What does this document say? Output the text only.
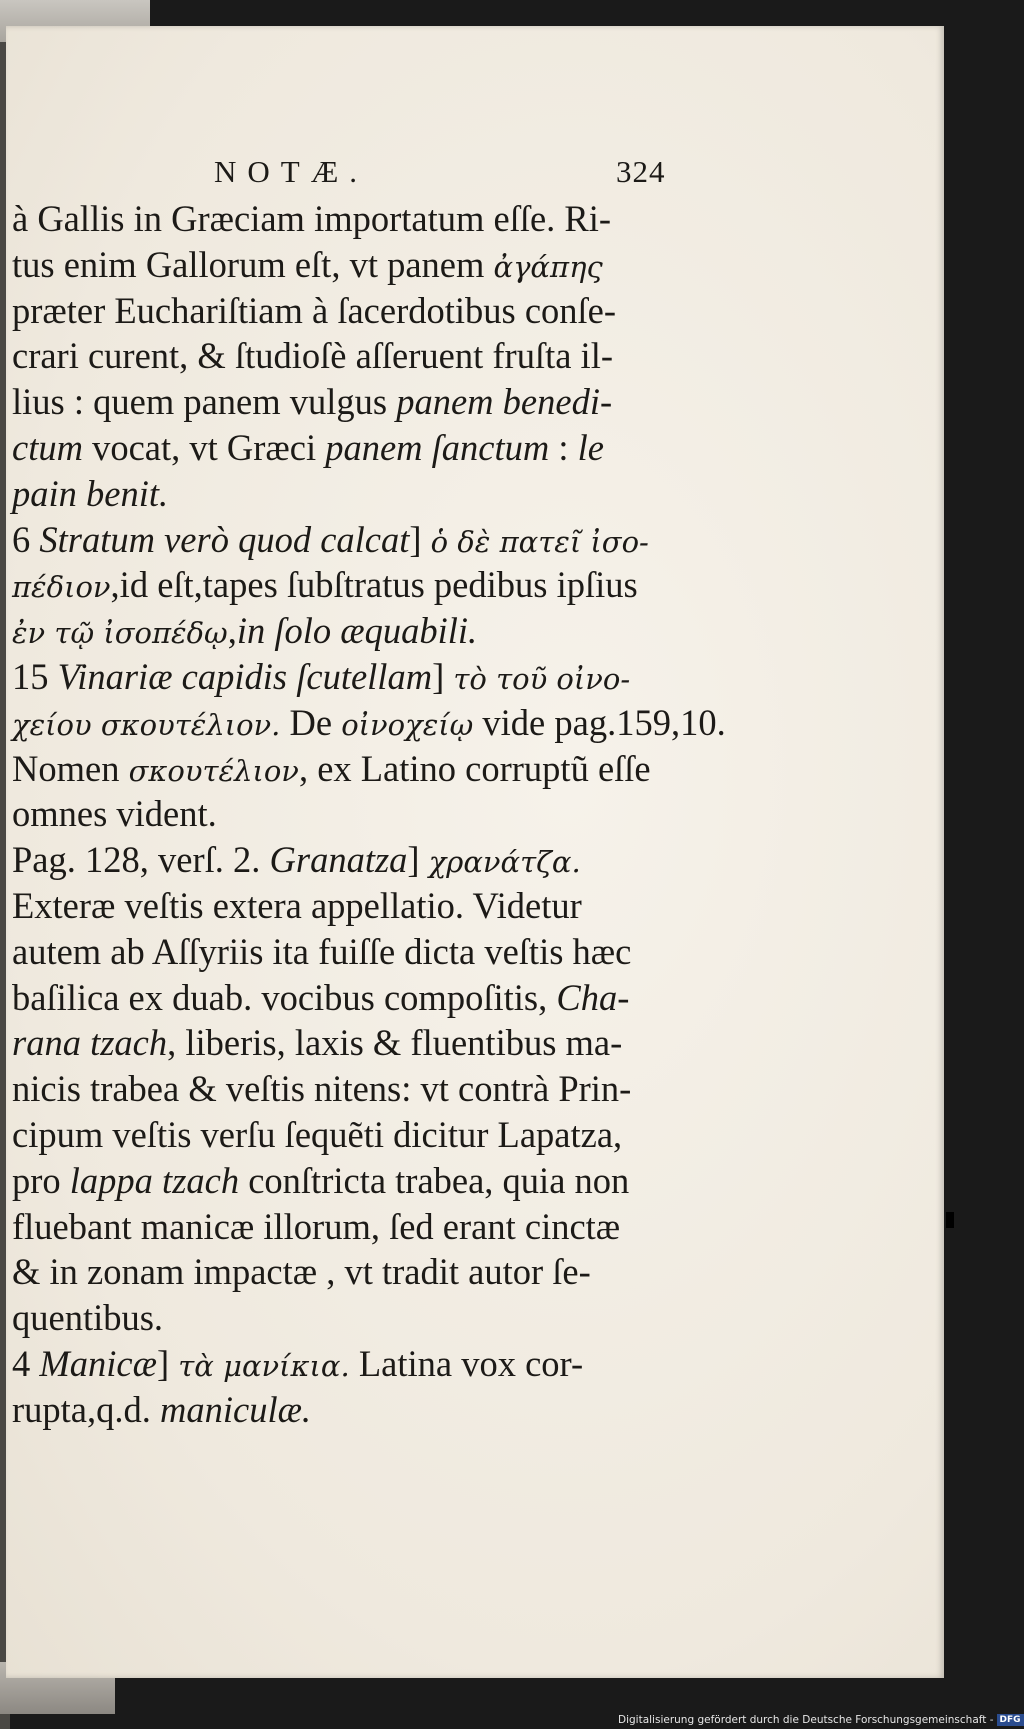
NOTÆ.	324
à Gallis in Græciam importatum eſſe. Ri-
tus enim Gallorum eſt, vt panem ἀγάπης
præter Euchariſtiam à ſacerdotibus conſe-
crari curent, & ſtudioſè aſſeruent fruſta il-
lius : quem panem vulgus panem benedi-
ctum vocat, vt Græci panem ſanctum : le
pain benit.
6 Stratum verò quod calcat] ὁ δὲ πατεῖ ἰσο-
πέδιον,id eſt,tapes ſubſtratus pedibus ipſius
ἐν τῷ ἰσοπέδῳ,in ſolo æquabili.
15 Vinariæ capidis ſcutellam] τὸ τοῦ οἰνο-
χείου σκουτέλιον. De οἰνοχείῳ vide pag.159,10.
Nomen σκουτέλιον, ex Latino corruptũ eſſe
omnes vident.
Pag. 128, verſ. 2. Granatza] χρανάτζα.
Exteræ veſtis extera appellatio. Videtur
autem ab Aſſyriis ita fuiſſe dicta veſtis hæc
baſilica ex duab. vocibus compoſitis, Cha-
rana tzach, liberis, laxis & fluentibus ma-
nicis trabea & veſtis nitens: vt contrà Prin-
cipum veſtis verſu ſequẽti dicitur Lapatza,
pro lappa tzach conſtricta trabea, quia non
fluebant manicæ illorum, ſed erant cinctæ
& in zonam impactæ , vt tradit autor ſe-
quentibus.
4 Manicæ] τὰ μανίκια. Latina vox cor-
rupta,q.d. maniculæ.
Digitalisierung gefördert durch die Deutsche Forschungsgemeinschaft - DFG
